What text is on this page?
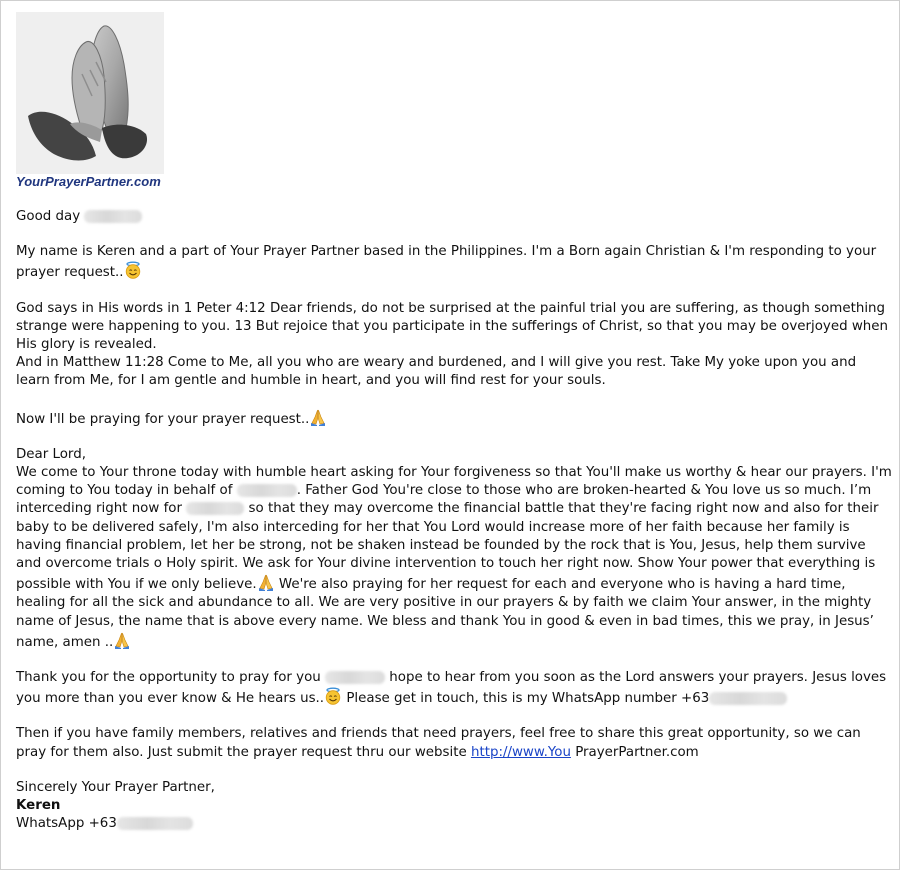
YourPrayerPartner.com

Good day

My name is Keren and a part of Your Prayer Partner based in the Philippines. I'm a Born again Christian & I'm responding to your prayer request..

God says in His words in 1 Peter 4:12 Dear friends, do not be surprised at the painful trial you are suffering, as though something strange were happening to you. 13 But rejoice that you participate in the sufferings of Christ, so that you may be overjoyed when His glory is revealed.
And in Matthew 11:28 Come to Me, all you who are weary and burdened, and I will give you rest. Take My yoke upon you and learn from Me, for I am gentle and humble in heart, and you will find rest for your souls.

Now I'll be praying for your prayer request..

Dear Lord,
We come to Your throne today with humble heart asking for Your forgiveness so that You'll make us worthy & hear our prayers. I'm coming to You today in behalf of	. Father God You're close to those who are broken-hearted & You love us so much. I’m interceding right now for	so that they may overcome the financial battle that they're facing right now and also for their baby to be delivered safely, I'm also interceding for her that You Lord would increase more of her faith because her family is having financial problem, let her be strong, not be shaken instead be founded by the rock that is You, Jesus, help them survive and overcome trials o Holy spirit. We ask for Your divine intervention to touch her right now. Show Your power that everything is possible with You if we only believe. We're also praying for her request for each and everyone who is having a hard time, healing for all the sick and abundance to all. We are very positive in our prayers & by faith we claim Your answer, in the mighty name of Jesus, the name that is above every name. We bless and thank You in good & even in bad times, this we pray, in Jesus’ name, amen ..

Thank you for the opportunity to pray for you	hope to hear from you soon as the Lord answers your prayers. Jesus loves you more than you ever know & He hears us.. Please get in touch, this is my WhatsApp number +63

Then if you have family members, relatives and friends that need prayers, feel free to share this great opportunity, so we can pray for them also. Just submit the prayer request thru our website http://www.You PrayerPartner.com

Sincerely Your Prayer Partner,
Keren
WhatsApp +63
